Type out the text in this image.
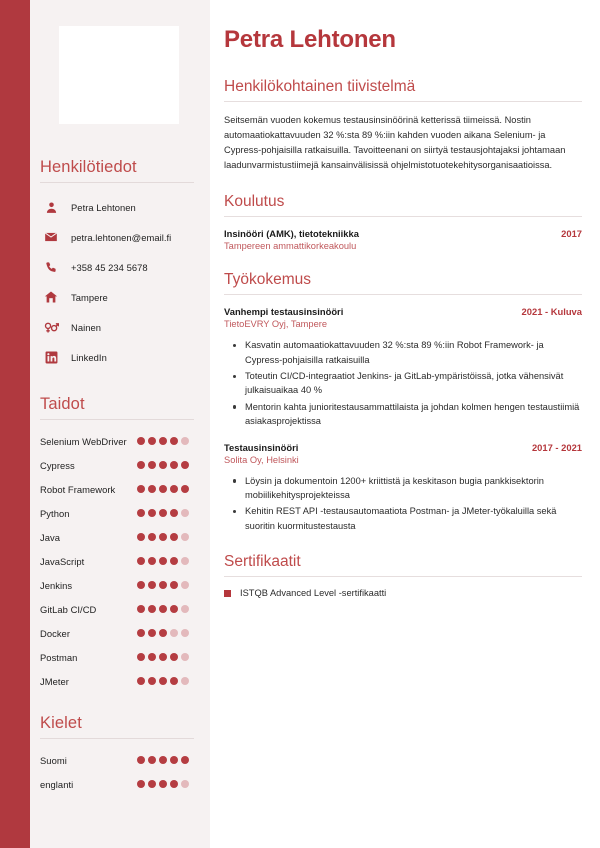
Henkilötiedot
Petra Lehtonen
petra.lehtonen@email.fi
+358 45 234 5678
Tampere
Nainen
LinkedIn
Taidot
Selenium WebDriver
Cypress
Robot Framework
Python
Java
JavaScript
Jenkins
GitLab CI/CD
Docker
Postman
JMeter
Kielet
Suomi
englanti
Petra Lehtonen
Henkilökohtainen tiivistelmä
Seitsemän vuoden kokemus testausinsinöörinä ketterissä tiimeissä. Nostin automaatiokattavuuden 32 %:sta 89 %:iin kahden vuoden aikana Selenium- ja Cypress-pohjaisilla ratkaisuilla. Tavoitteenani on siirtyä testausjohtajaksi johtamaan laadunvarmistustiimejä kansainvälisissä ohjelmistotuotekehitysorganisaatioissa.
Koulutus
Insinööri (AMK), tietotekniikka	2017
Tampereen ammattikorkeakoulu
Työkokemus
Vanhempi testausinsinööri	2021 - Kuluva
TietoEVRY Oyj, Tampere
Kasvatin automaatiokattavuuden 32 %:sta 89 %:iin Robot Framework- ja Cypress-pohjaisilla ratkaisuilla
Toteutin CI/CD-integraatiot Jenkins- ja GitLab-ympäristöissä, jotka vähensivät julkaisuaikaa 40 %
Mentorin kahta junioritestausammattilaista ja johdan kolmen hengen testaustiimiä asiakasprojektissa
Testausinsinööri	2017 - 2021
Solita Oy, Helsinki
Löysin ja dokumentoin 1200+ kriittistä ja keskitason bugia pankkisektorin mobiilikehitysprojekteissa
Kehitin REST API -testausautomaatiota Postman- ja JMeter-työkaluilla sekä suoritin kuormitustestausta
Sertifikaatit
ISTQB Advanced Level -sertifikaatti
